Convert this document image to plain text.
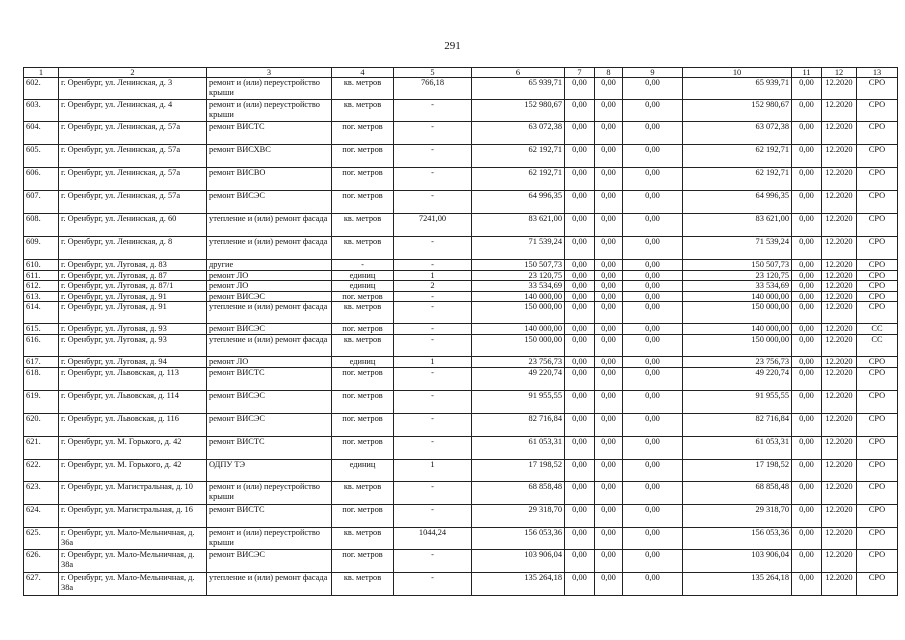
291
1	2	3	4	5	6	7	8	9	10	11	12	13
602.	г. Оренбург, ул. Ленинская, д. 3	ремонт и (или) переустройство крыши	кв. метров	766,18	65 939,71	0,00	0,00	0,00	65 939,71	0,00	12.2020	СРО
603.	г. Оренбург, ул. Ленинская, д. 4	ремонт и (или) переустройство крыши	кв. метров	-	152 980,67	0,00	0,00	0,00	152 980,67	0,00	12.2020	СРО
604.	г. Оренбург, ул. Ленинская, д. 57а	ремонт ВИСТС	пог. метров	-	63 072,38	0,00	0,00	0,00	63 072,38	0,00	12.2020	СРО
605.	г. Оренбург, ул. Ленинская, д. 57а	ремонт ВИСХВС	пог. метров	-	62 192,71	0,00	0,00	0,00	62 192,71	0,00	12.2020	СРО
606.	г. Оренбург, ул. Ленинская, д. 57а	ремонт ВИСВО	пог. метров	-	62 192,71	0,00	0,00	0,00	62 192,71	0,00	12.2020	СРО
607.	г. Оренбург, ул. Ленинская, д. 57а	ремонт ВИСЭС	пог. метров	-	64 996,35	0,00	0,00	0,00	64 996,35	0,00	12.2020	СРО
608.	г. Оренбург, ул. Ленинская, д. 60	утепление и (или) ремонт фасада	кв. метров	7241,00	83 621,00	0,00	0,00	0,00	83 621,00	0,00	12.2020	СРО
609.	г. Оренбург, ул. Ленинская, д. 8	утепление и (или) ремонт фасада	кв. метров	-	71 539,24	0,00	0,00	0,00	71 539,24	0,00	12.2020	СРО
610.	г. Оренбург, ул. Луговая, д. 83	другие	-	-	150 507,73	0,00	0,00	0,00	150 507,73	0,00	12.2020	СРО
611.	г. Оренбург, ул. Луговая, д. 87	ремонт ЛО	единиц	1	23 120,75	0,00	0,00	0,00	23 120,75	0,00	12.2020	СРО
612.	г. Оренбург, ул. Луговая, д. 87/1	ремонт ЛО	единиц	2	33 534,69	0,00	0,00	0,00	33 534,69	0,00	12.2020	СРО
613.	г. Оренбург, ул. Луговая, д. 91	ремонт ВИСЭС	пог. метров	-	140 000,00	0,00	0,00	0,00	140 000,00	0,00	12.2020	СРО
614.	г. Оренбург, ул. Луговая, д. 91	утепление и (или) ремонт фасада	кв. метров	-	150 000,00	0,00	0,00	0,00	150 000,00	0,00	12.2020	СРО
615.	г. Оренбург, ул. Луговая, д. 93	ремонт ВИСЭС	пог. метров	-	140 000,00	0,00	0,00	0,00	140 000,00	0,00	12.2020	СС
616.	г. Оренбург, ул. Луговая, д. 93	утепление и (или) ремонт фасада	кв. метров	-	150 000,00	0,00	0,00	0,00	150 000,00	0,00	12.2020	СС
617.	г. Оренбург, ул. Луговая, д. 94	ремонт ЛО	единиц	1	23 756,73	0,00	0,00	0,00	23 756,73	0,00	12.2020	СРО
618.	г. Оренбург, ул. Львовская, д. 113	ремонт ВИСТС	пог. метров	-	49 220,74	0,00	0,00	0,00	49 220,74	0,00	12.2020	СРО
619.	г. Оренбург, ул. Львовская, д. 114	ремонт ВИСЭС	пог. метров	-	91 955,55	0,00	0,00	0,00	91 955,55	0,00	12.2020	СРО
620.	г. Оренбург, ул. Львовская, д. 116	ремонт ВИСЭС	пог. метров	-	82 716,84	0,00	0,00	0,00	82 716,84	0,00	12.2020	СРО
621.	г. Оренбург, ул. М. Горького, д. 42	ремонт ВИСТС	пог. метров	-	61 053,31	0,00	0,00	0,00	61 053,31	0,00	12.2020	СРО
622.	г. Оренбург, ул. М. Горького, д. 42	ОДПУ ТЭ	единиц	1	17 198,52	0,00	0,00	0,00	17 198,52	0,00	12.2020	СРО
623.	г. Оренбург, ул. Магистральная, д. 10	ремонт и (или) переустройство крыши	кв. метров	-	68 858,48	0,00	0,00	0,00	68 858,48	0,00	12.2020	СРО
624.	г. Оренбург, ул. Магистральная, д. 16	ремонт ВИСТС	пог. метров	-	29 318,70	0,00	0,00	0,00	29 318,70	0,00	12.2020	СРО
625.	г. Оренбург, ул. Мало-Мельничная, д. 36а	ремонт и (или) переустройство крыши	кв. метров	1044,24	156 053,36	0,00	0,00	0,00	156 053,36	0,00	12.2020	СРО
626.	г. Оренбург, ул. Мало-Мельничная, д. 38а	ремонт ВИСЭС	пог. метров	-	103 906,04	0,00	0,00	0,00	103 906,04	0,00	12.2020	СРО
627.	г. Оренбург, ул. Мало-Мельничная, д. 38а	утепление и (или) ремонт фасада	кв. метров	-	135 264,18	0,00	0,00	0,00	135 264,18	0,00	12.2020	СРО
